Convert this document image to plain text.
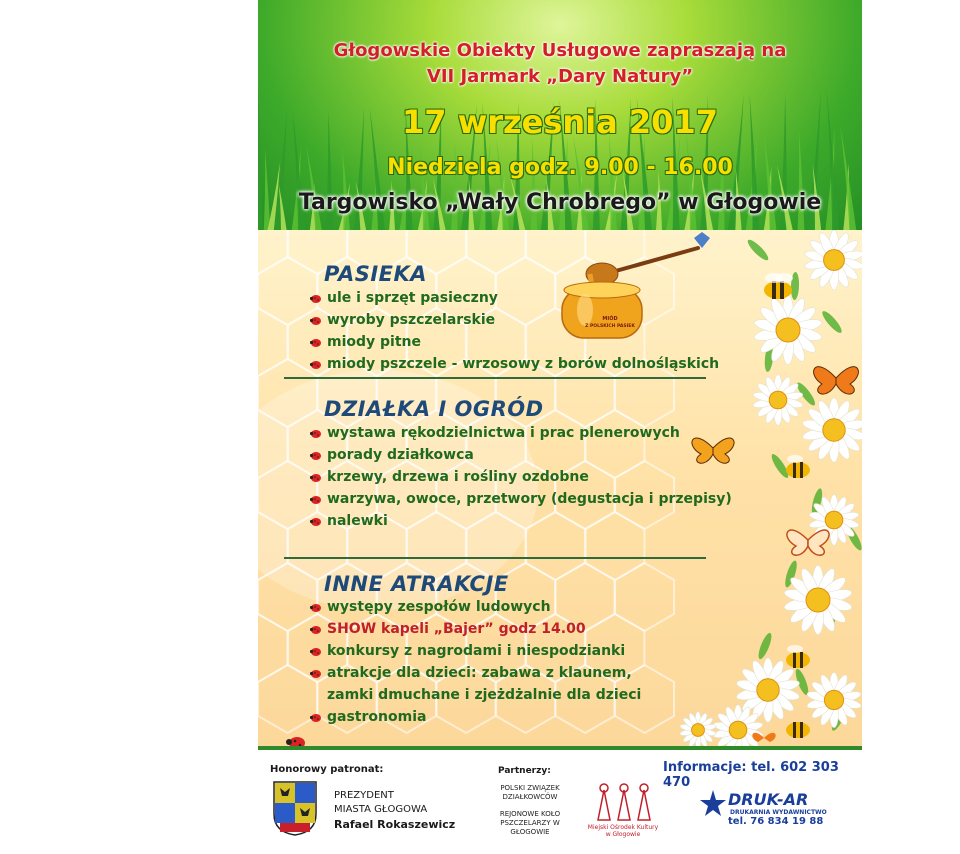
Głogowskie Obiekty Usługowe zapraszają na
VII Jarmark „Dary Natury”
17 września 2017
Niedziela godz. 9.00 - 16.00
Targowisko „Wały Chrobrego” w Głogowie
MIÓD
Z POLSKICH PASIEK
PASIEKA
ule i sprzęt pasieczny
wyroby pszczelarskie
miody pitne
miody pszczele - wrzosowy z borów dolnośląskich
DZIAŁKA I OGRÓD
wystawa rękodzielnictwa i prac plenerowych
porady działkowca
krzewy, drzewa i rośliny ozdobne
warzywa, owoce, przetwory (degustacja i przepisy)
nalewki
INNE ATRAKCJE
występy zespołów ludowych
SHOW kapeli „Bajer” godz 14.00
konkursy z nagrodami i niespodzianki
atrakcje dla dzieci: zabawa z klaunem,
zamki dmuchane i zjeżdżalnie dla dzieci
gastronomia

Honorowy patronat:

PREZYDENT

MIASTA GŁOGOWA

Rafael Rokaszewicz

Partnerzy:

POLSKI ZWIĄZEK

DZIAŁKOWCÓW

REJONOWE KOŁO

PSZCZELARZY W GŁOGOWIE

Miejski Ośrodek Kultury

w Głogowie

Informacje: tel. 602 303 470

DRUK-AR

DRUKARNIA WYDAWNICTWO

tel. 76 834 19 88
